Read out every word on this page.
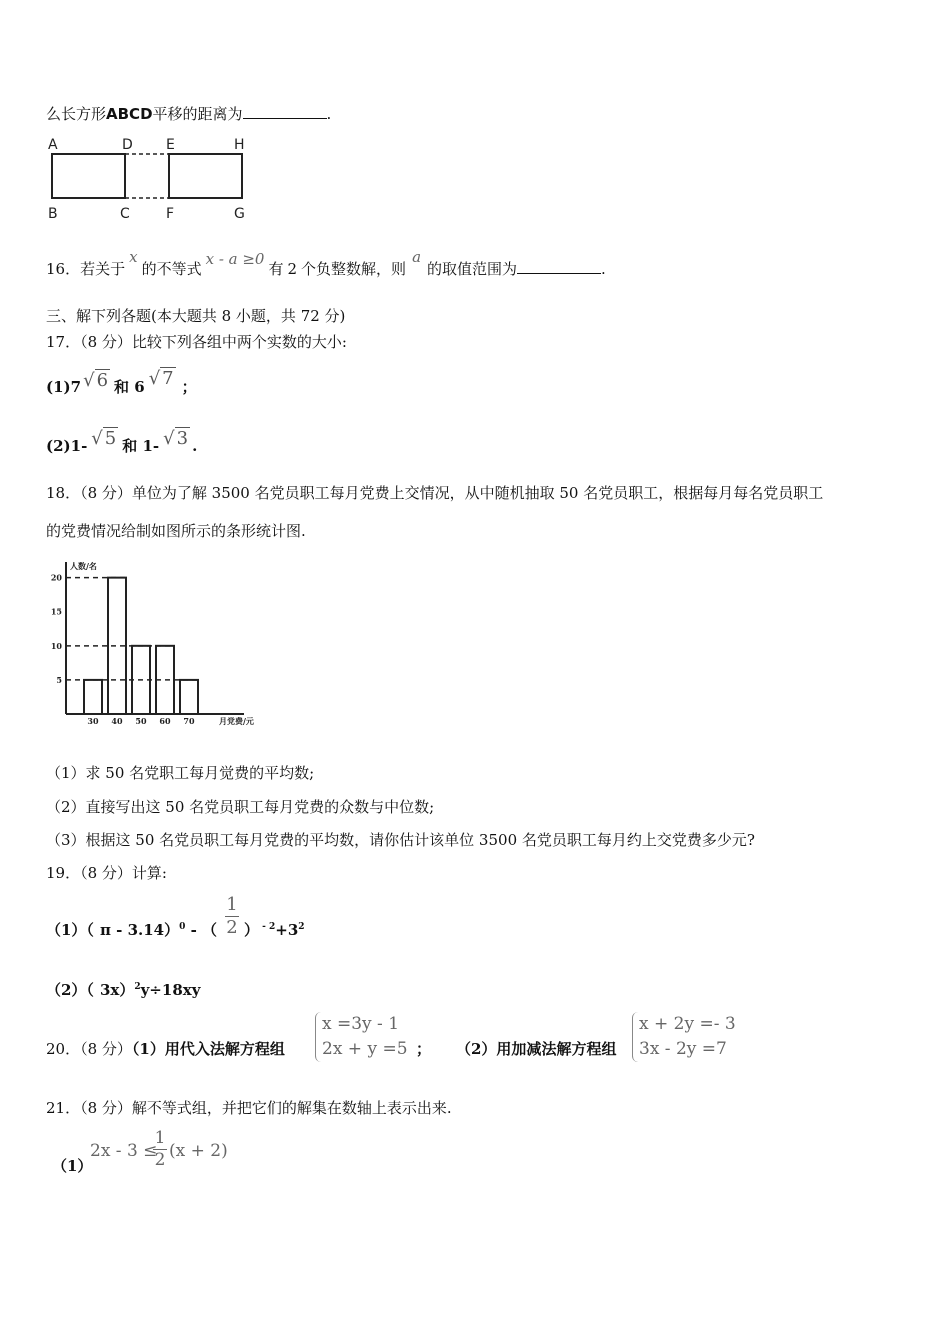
么长方形ABCD平移的距离为	.
A	D E	H
B	C	F	G
16．若关于x的不等式x - a ≥0有 2 个负整数解，则a的取值范围为	.
三、解下列各题(本大题共 8 小题，共 72 分)
17．（8 分）比较下列各组中两个实数的大小:
(1)7 √ 6 和 6 √ 7 ；
(2)1- √ 5 和 1- √ 3 .
18．（8 分）单位为了解 3500 名党员职工每月党费上交情况，从中随机抽取 50 名党员职工，根据每月每名党员职工
的党费情况给制如图所示的条形统计图.
人数/名
月党费/元
5
10
15
20
30 40 50 60 70
（1）求 50 名党职工每月觉费的平均数;
（2）直接写出这 50 名党员职工每月党费的众数与中位数;
（3）根据这 50 名党员职工每月党费的平均数，请你估计该单位 3500 名党员职工每月约上交党费多少元?
19．（8 分）计算:
（1）（ π - 3.14）$^0$ - （ $\frac{1}{2}$ ） $^{- 2}+3^2$
（2）（ 3x）$^2$y÷18xy
20．（8 分）（1）用代入法解方程组
x =3y - 1
2x + y =5 ； （2）用加减法解方程组
x + 2y =- 3
3x - 2y =7
21．（8 分）解不等式组，并把它们的解集在数轴上表示出来.
（1）
2x - 3 ≤
$\frac{1}{2} (x + 2)$
